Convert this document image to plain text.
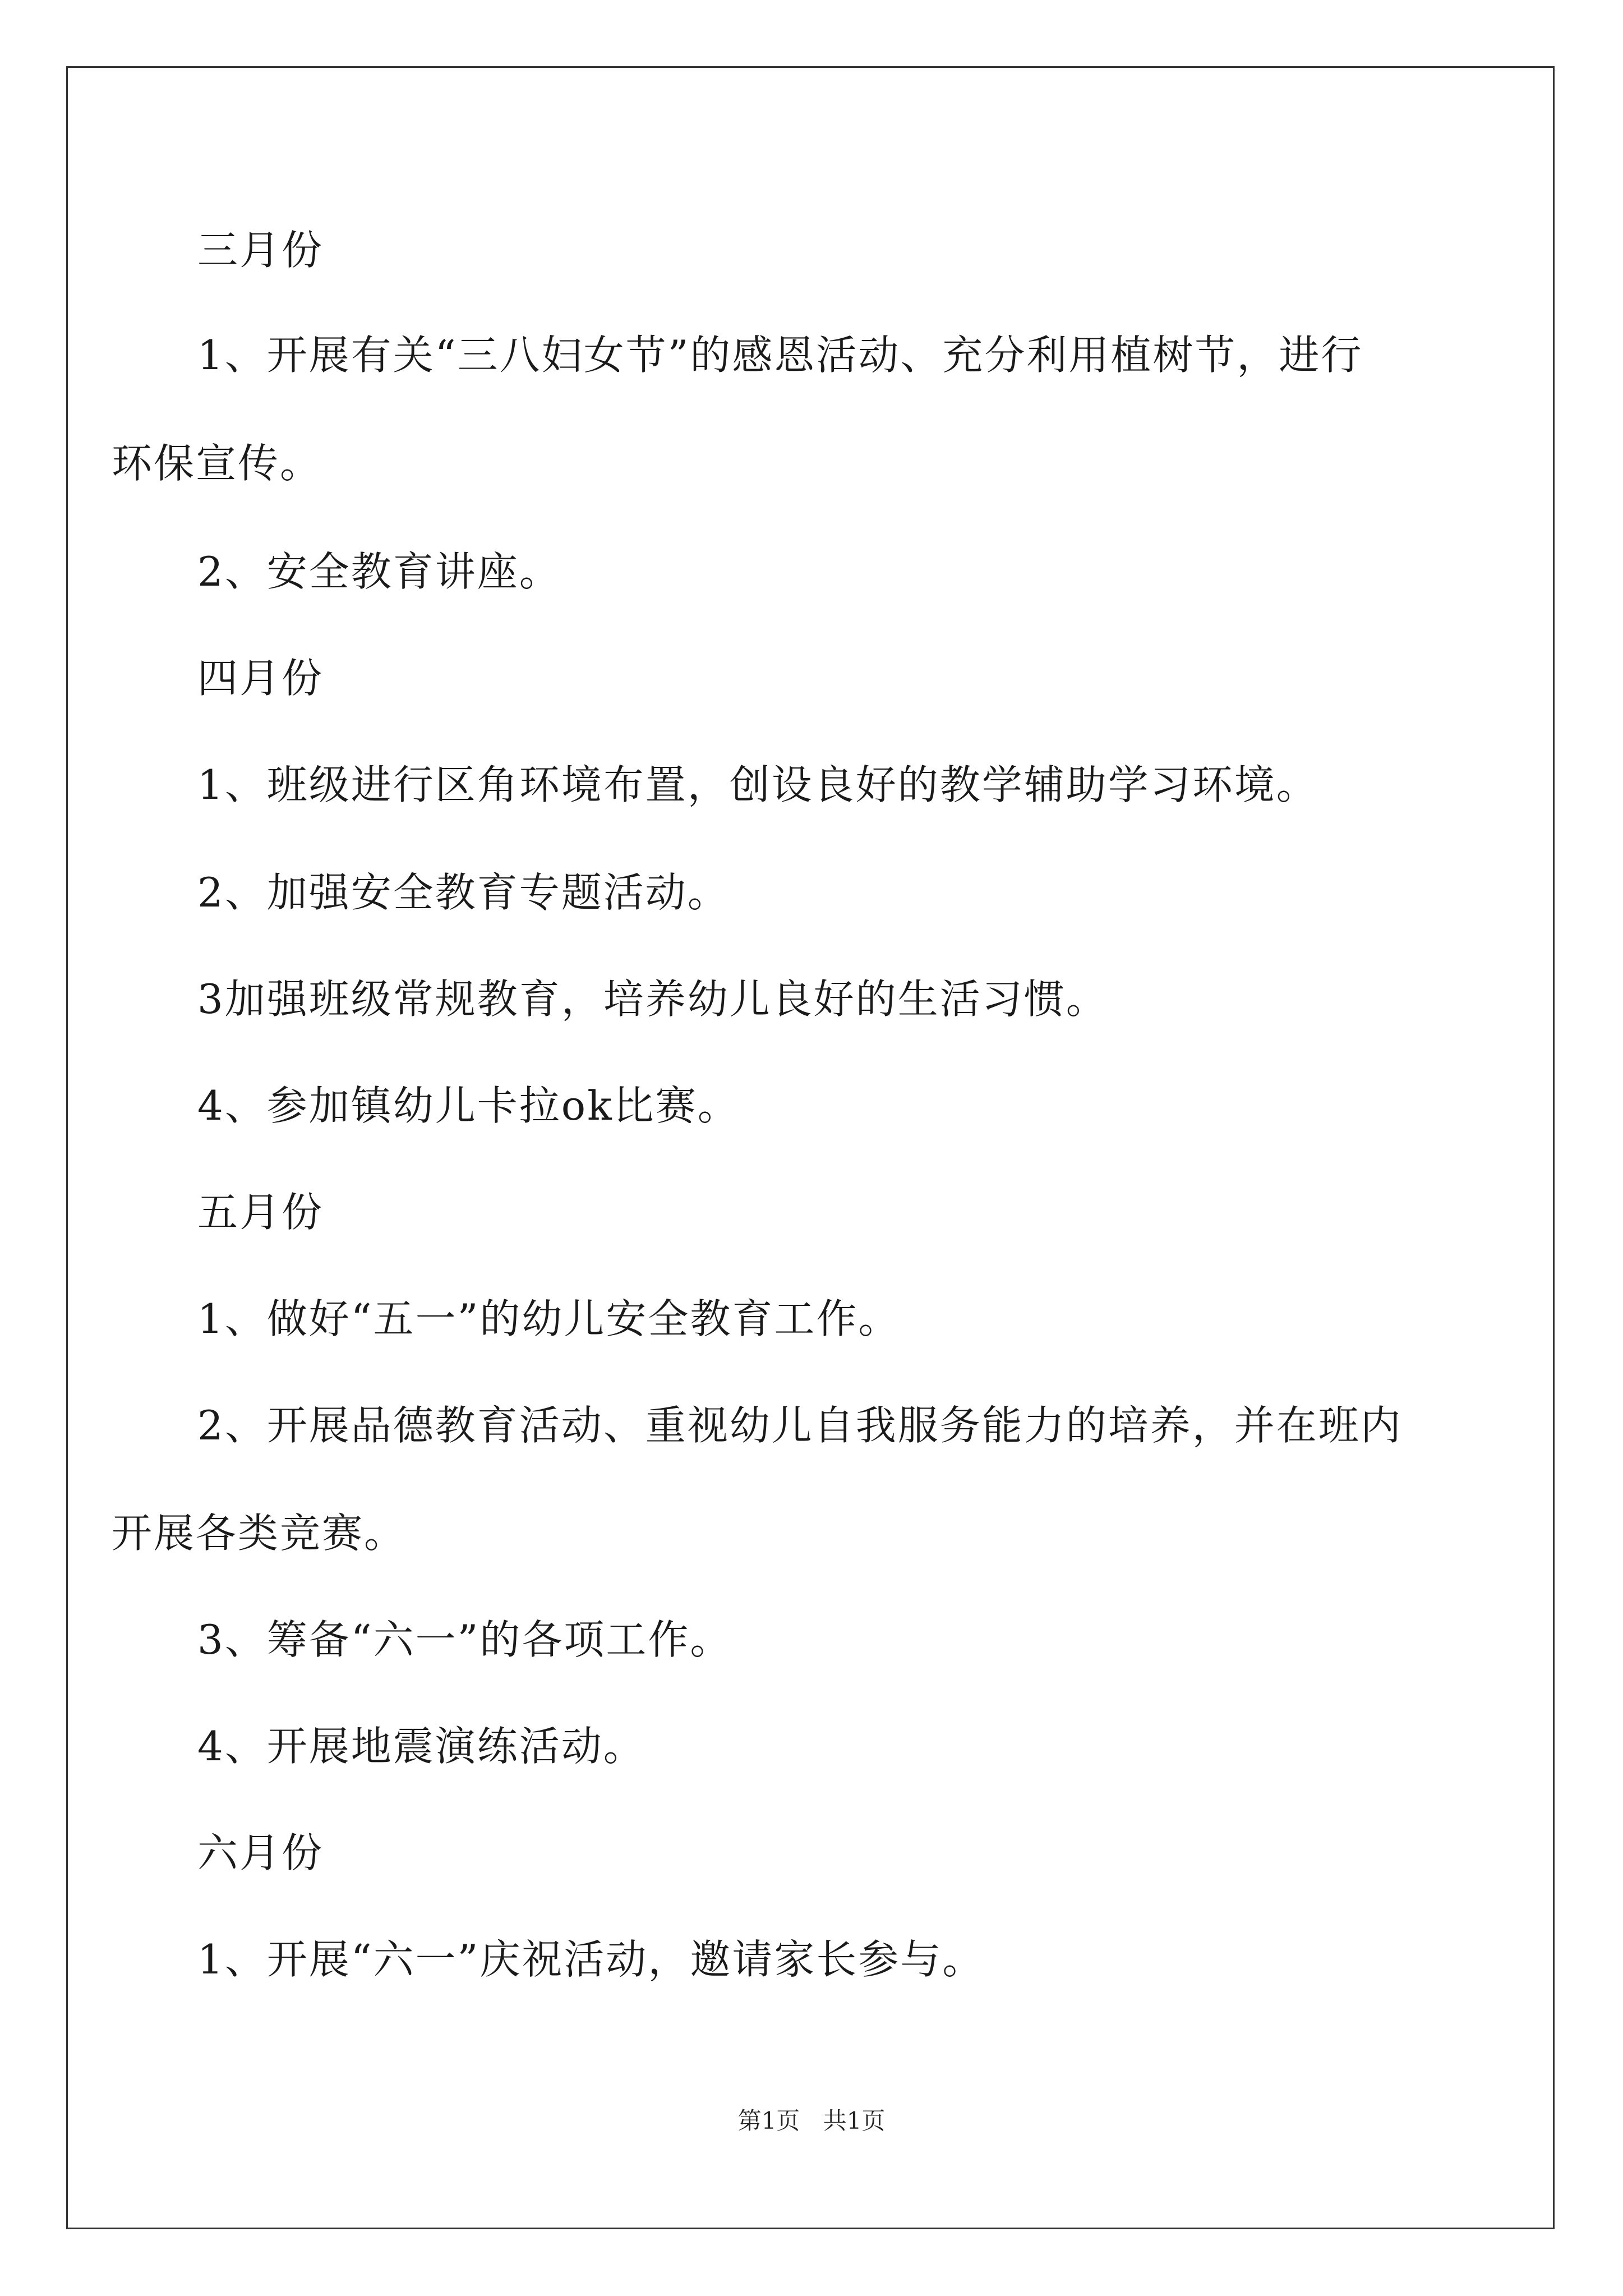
三月份

1、开展有关“三八妇女节”的感恩活动、充分利用植树节，进行

环保宣传。

2、安全教育讲座。

四月份

1、班级进行区角环境布置，创设良好的教学辅助学习环境。

2、加强安全教育专题活动。

3加强班级常规教育，培养幼儿良好的生活习惯。

4、参加镇幼儿卡拉ok比赛。

五月份

1、做好“五一”的幼儿安全教育工作。

2、开展品德教育活动、重视幼儿自我服务能力的培养，并在班内

开展各类竞赛。

3、筹备“六一”的各项工作。

4、开展地震演练活动。

六月份

1、开展“六一”庆祝活动，邀请家长参与。

第1页 共1页
